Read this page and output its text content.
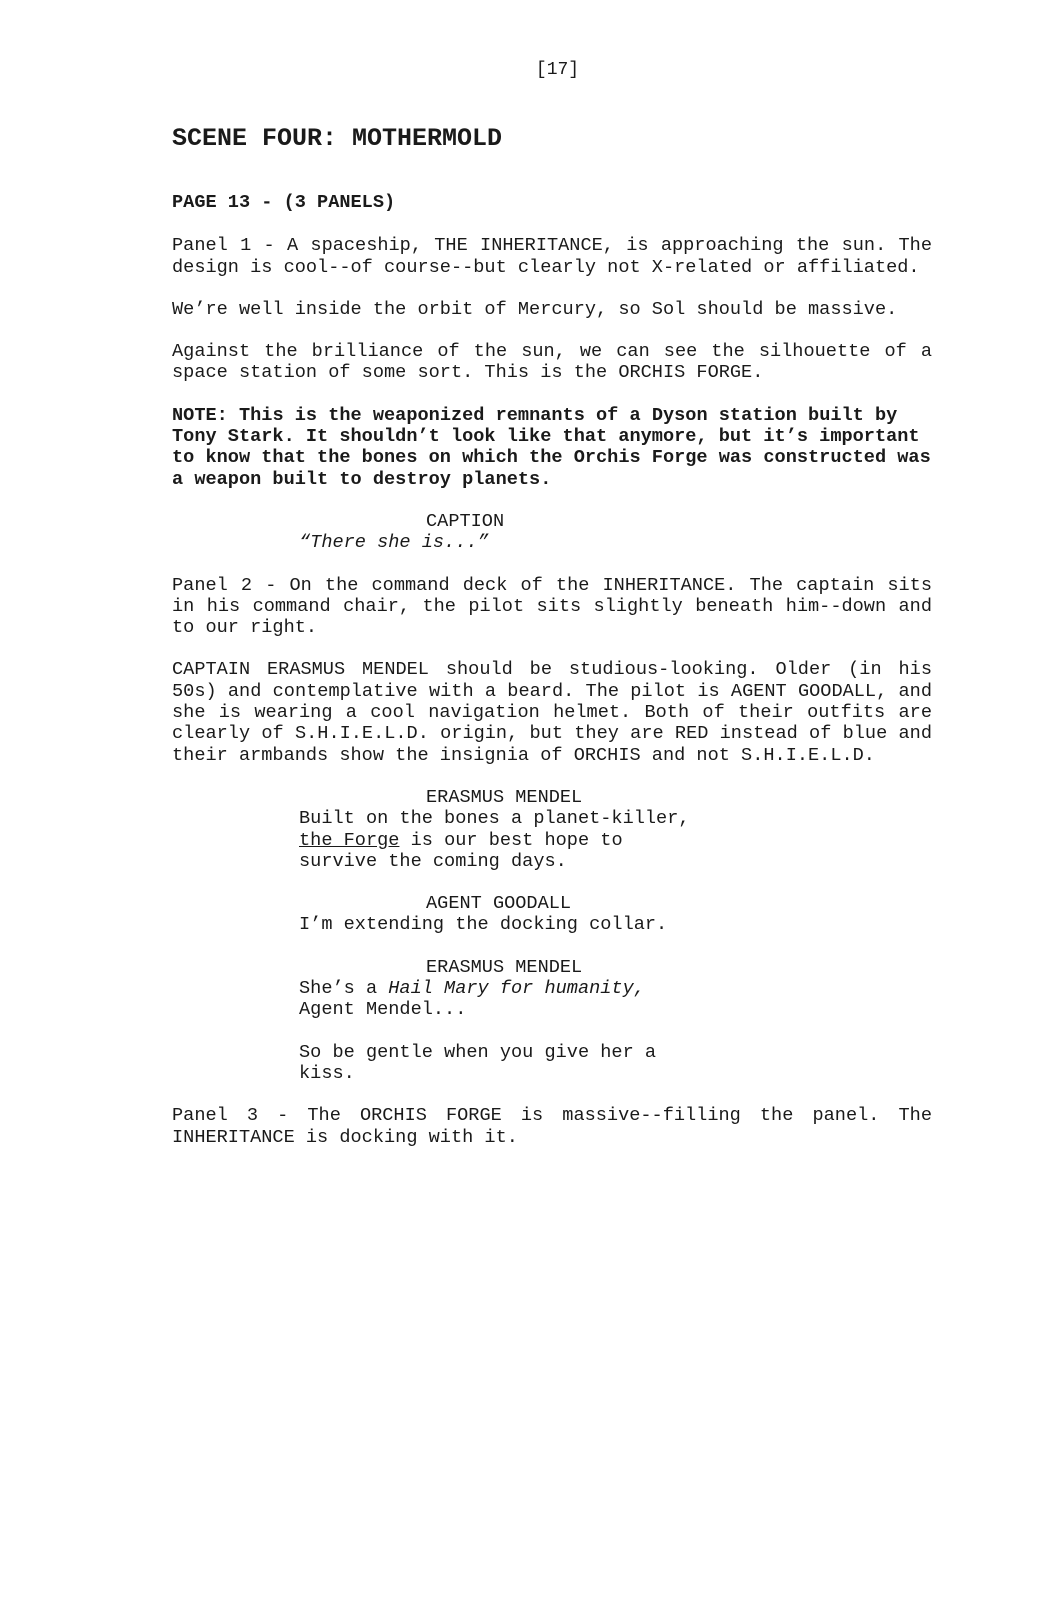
[17]
SCENE FOUR: MOTHERMOLD
PAGE 13 - (3 PANELS)

Panel 1 - A spaceship, THE INHERITANCE, is approaching the sun. The design is cool--of course--but clearly not X-related or affiliated.

We’re well inside the orbit of Mercury, so Sol should be massive.

Against the brilliance of the sun, we can see the silhouette of a space station of some sort. This is the ORCHIS FORGE.

NOTE: This is the weaponized remnants of a Dyson station built by Tony Stark. It shouldn’t look like that anymore, but it’s important to know that the bones on which the Orchis Forge was constructed was a weapon built to destroy planets.

CAPTION
“There she is...”

Panel 2 - On the command deck of the INHERITANCE. The captain sits in his command chair, the pilot sits slightly beneath him--down and to our right.

CAPTAIN ERASMUS MENDEL should be studious-looking. Older (in his 50s) and contemplative with a beard. The pilot is AGENT GOODALL, and she is wearing a cool navigation helmet. Both of their outfits are clearly of S.H.I.E.L.D. origin, but they are RED instead of blue and their armbands show the insignia of ORCHIS and not S.H.I.E.L.D.

ERASMUS MENDEL
Built on the bones a planet-killer,
the Forge is our best hope to
survive the coming days.
AGENT GOODALL
I’m extending the docking collar.
ERASMUS MENDEL
She’s a Hail Mary for humanity,
Agent Mendel...
So be gentle when you give her a
kiss.

Panel 3 - The ORCHIS FORGE is massive--filling the panel. The INHERITANCE is docking with it.
